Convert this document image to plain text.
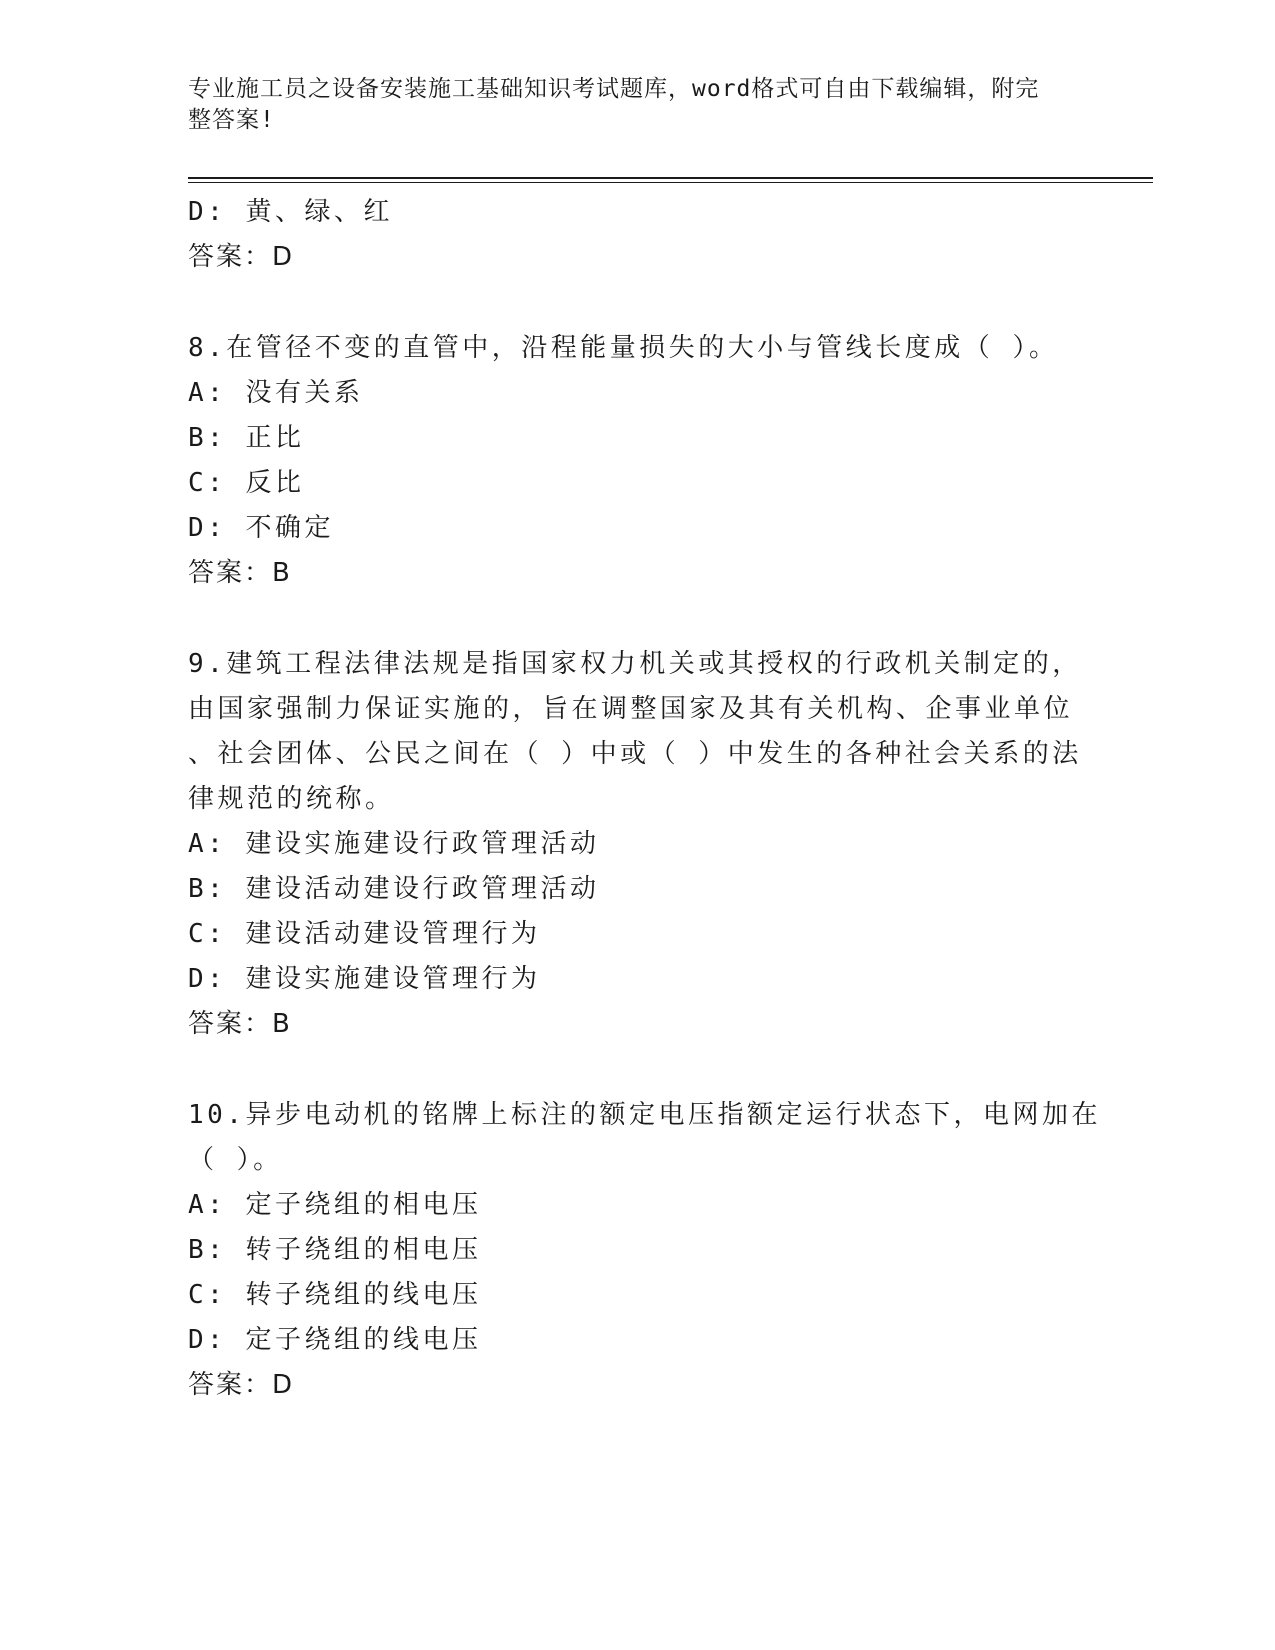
专业施工员之设备安装施工基础知识考试题库，word格式可自由下载编辑，附完
整答案!
D: 黄、绿、红
答案：D
8.在管径不变的直管中，沿程能量损失的大小与管线长度成（ ）。
A: 没有关系
B: 正比
C: 反比
D: 不确定
答案：B
9.建筑工程法律法规是指国家权力机关或其授权的行政机关制定的，
由国家强制力保证实施的，旨在调整国家及其有关机构、企事业单位
、社会团体、公民之间在（ ）中或（ ）中发生的各种社会关系的法
律规范的统称。
A: 建设实施建设行政管理活动
B: 建设活动建设行政管理活动
C: 建设活动建设管理行为
D: 建设实施建设管理行为
答案：B
10.异步电动机的铭牌上标注的额定电压指额定运行状态下，电网加在
（ ）。
A: 定子绕组的相电压
B: 转子绕组的相电压
C: 转子绕组的线电压
D: 定子绕组的线电压
答案：D
